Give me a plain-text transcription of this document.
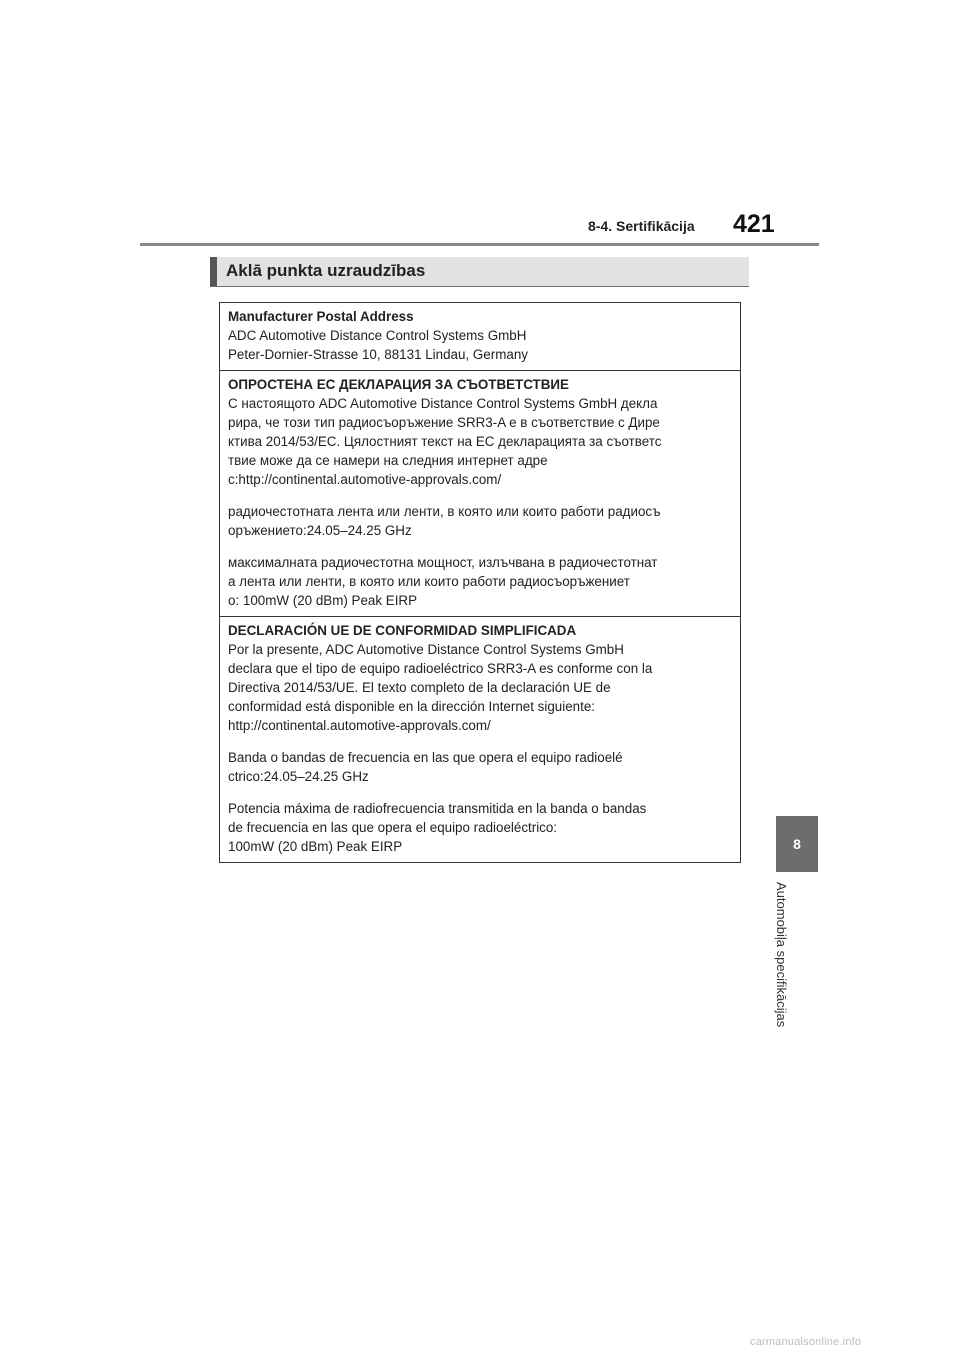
8-4. Sertifikācija 421
Aklā punkta uzraudzības
8
Automobiļa specifikācijas

Manufacturer Postal Address

ADC Automotive Distance Control Systems GmbH

Peter-Dornier-Strasse 10, 88131 Lindau, Germany

ОПРОСТЕНА ЕС ДЕКЛАРАЦИЯ ЗА СЪОТВЕТСТВИЕ

С настоящото ADC Automotive Distance Control Systems GmbH декла

рира, че този тип радиосъоръжение SRR3-A е в съответствие с Дире

ктива 2014/53/ЕС. Цялостният текст на ЕС декларацията за съответс

твие може да се намери на следния интернет адре

с:http://continental.automotive-approvals.com/

радиочестотната лента или ленти, в която или които работи радиосъ

оръжението:24.05–24.25 GHz

максималната радиочестотна мощност, излъчвана в радиочестотнат

а лента или ленти, в която или които работи радиосъоръжениет

о: 100mW (20 dBm) Peak EIRP

DECLARACIÓN UE DE CONFORMIDAD SIMPLIFICADA

Por la presente, ADC Automotive Distance Control Systems GmbH

declara que el tipo de equipo radioeléctrico SRR3-A es conforme con la

Directiva 2014/53/UE. El texto completo de la declaración UE de

conformidad está disponible en la dirección Internet siguiente:

http://continental.automotive-approvals.com/

Banda o bandas de frecuencia en las que opera el equipo radioelé

ctrico:24.05–24.25 GHz

Potencia máxima de radiofrecuencia transmitida en la banda o bandas

de frecuencia en las que opera el equipo radioeléctrico:

100mW (20 dBm) Peak EIRP

carmanualsonline.info
